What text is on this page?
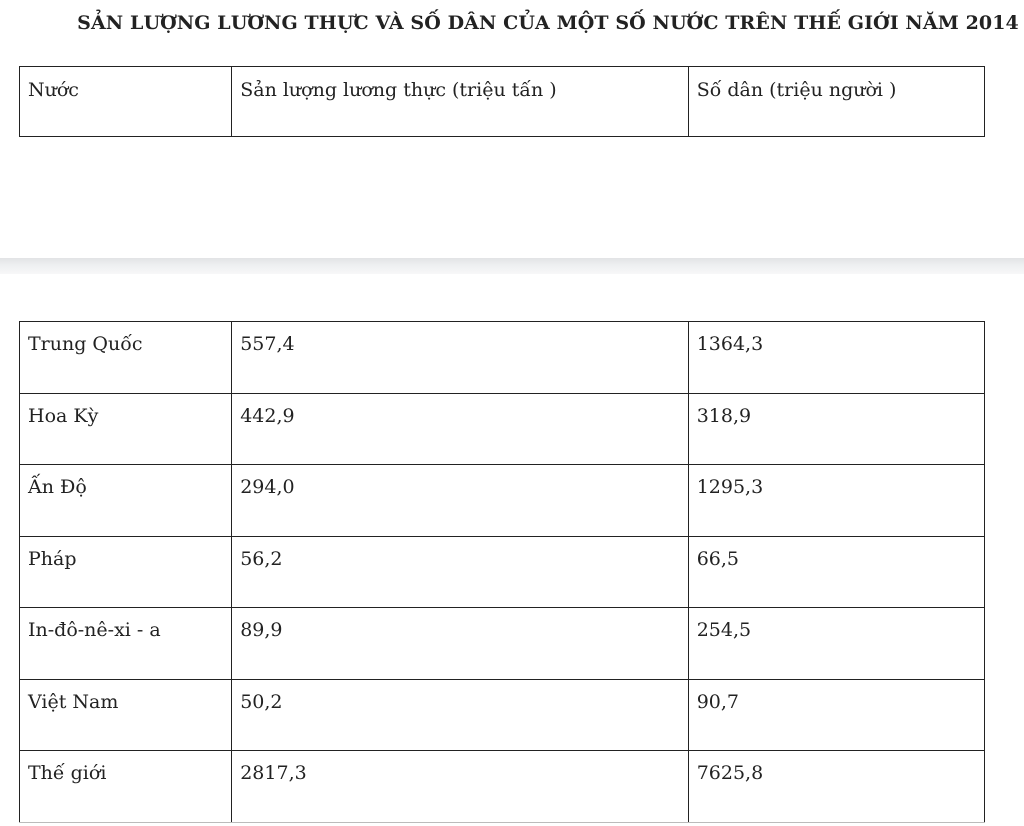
SẢN LƯỢNG LƯƠNG THỰC VÀ SỐ DÂN CỦA MỘT SỐ NƯỚC TRÊN THẾ GIỚI NĂM 2014
Nước	Sản lượng lương thực (triệu tấn )	Số dân (triệu người )
Trung Quốc	557,4	1364,3
Hoa Kỳ	442,9	318,9
Ấn Độ	294,0	1295,3
Pháp	56,2	66,5
In-đô-nê-xi - a	89,9	254,5
Việt Nam	50,2	90,7
Thế giới	2817,3	7625,8
